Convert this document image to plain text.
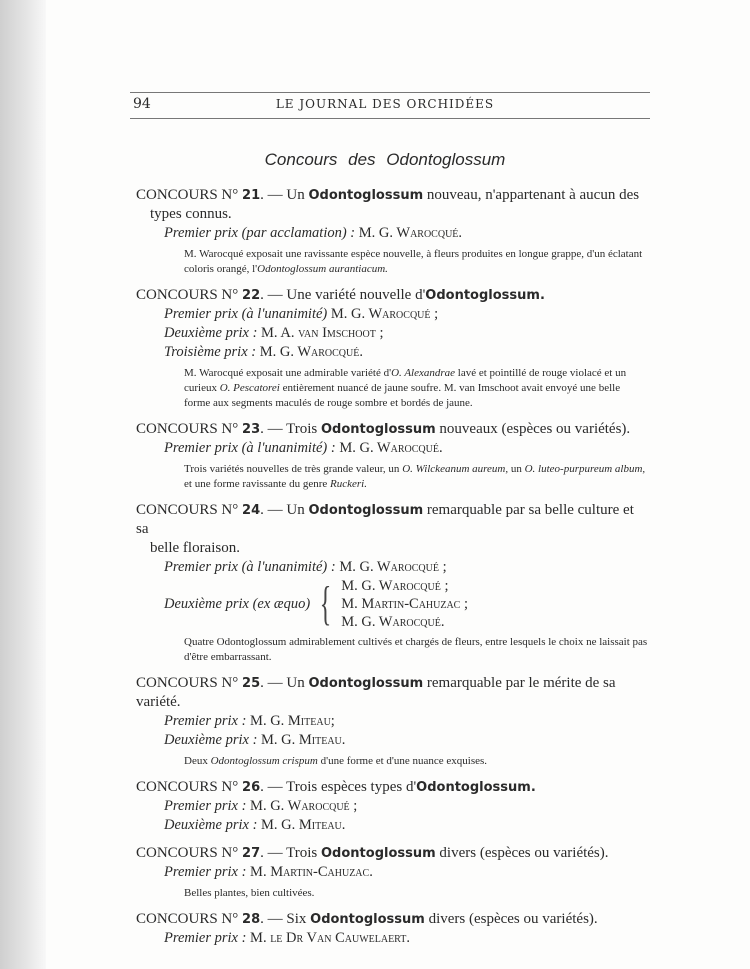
94	LE JOURNAL DES ORCHIDÉES
Concours des Odontoglossum
CONCOURS N° 21. — Un Odontoglossum nouveau, n'appartenant à aucun des
types connus.
Premier prix (par acclamation) : M. G. Warocqué.
M. Warocqué exposait une ravissante espèce nouvelle, à fleurs produites en longue grappe, d'un éclatant coloris orangé, l'Odontoglossum aurantiacum.
CONCOURS N° 22. — Une variété nouvelle d'Odontoglossum.
Premier prix (à l'unanimité) M. G. Warocqué ;
Deuxième prix : M. A. van Imschoot ;
Troisième prix : M. G. Warocqué.
M. Warocqué exposait une admirable variété d'O. Alexandrae lavé et pointillé de rouge violacé et un curieux O. Pescatorei entièrement nuancé de jaune soufre. M. van Imschoot avait envoyé une belle forme aux segments maculés de rouge sombre et bordés de jaune.
CONCOURS N° 23. — Trois Odontoglossum nouveaux (espèces ou variétés).
Premier prix (à l'unanimité) : M. G. Warocqué.
Trois variétés nouvelles de très grande valeur, un O. Wilckeanum aureum, un O. luteo-purpureum album, et une forme ravissante du genre Ruckeri.
CONCOURS N° 24. — Un Odontoglossum remarquable par sa belle culture et sa
belle floraison.
Premier prix (à l'unanimité) : M. G. Warocqué ;
Deuxième prix (ex æquo) { M. G. Warocqué ;
M. Martin-Cahuzac ;
M. G. Warocqué.
Quatre Odontoglossum admirablement cultivés et chargés de fleurs, entre lesquels le choix ne laissait pas d'être embarrassant.
CONCOURS N° 25. — Un Odontoglossum remarquable par le mérite de sa variété.
Premier prix : M. G. Miteau;
Deuxième prix : M. G. Miteau.
Deux Odontoglossum crispum d'une forme et d'une nuance exquises.
CONCOURS N° 26. — Trois espèces types d'Odontoglossum.
Premier prix : M. G. Warocqué ;
Deuxième prix : M. G. Miteau.
CONCOURS N° 27. — Trois Odontoglossum divers (espèces ou variétés).
Premier prix : M. Martin-Cahuzac.
Belles plantes, bien cultivées.
CONCOURS N° 28. — Six Odontoglossum divers (espèces ou variétés).
Premier prix : M. le Dr Van Cauwelaert.
